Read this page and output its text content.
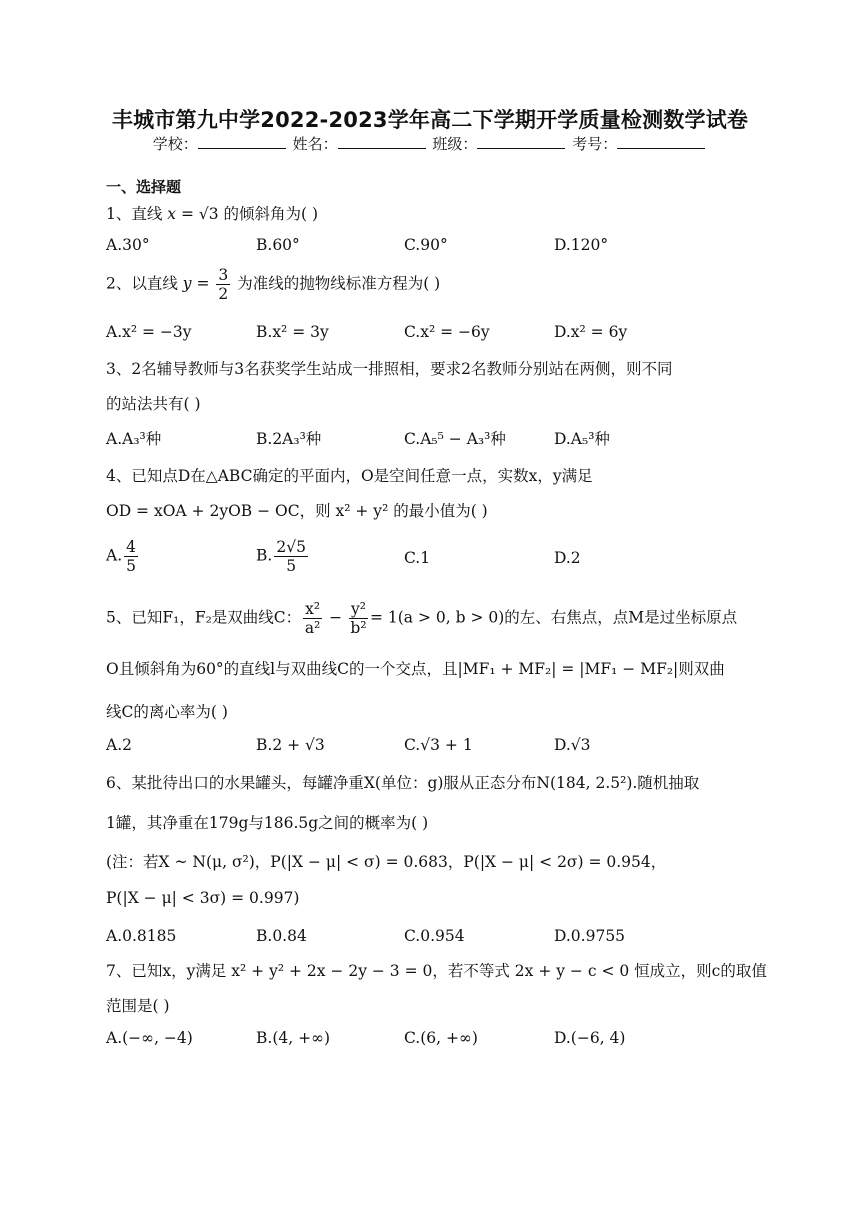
丰城市第九中学2022-2023学年高二下学期开学质量检测数学试卷
学校：	姓名：	班级：	考号：
一、选择题
1、直线 x = √3 的倾斜角为( )
A.30°	B.60°	C.90°	D.120°
2、以直线 $y = \frac{3}{2}$ 为准线的抛物线标准方程为( )
A.x² = −3y	B.x² = 3y	C.x² = −6y	D.x² = 6y
3、2名辅导教师与3名获奖学生站成一排照相，要求2名教师分别站在两侧，则不同
的站法共有( )
A.A₃³种	B.2A₃³种	C.A₅⁵ − A₃³种	D.A₅³种
4、已知点D在△ABC确定的平面内，O是空间任意一点，实数x，y满足
OD = xOA + 2yOB − OC，则 x² + y² 的最小值为( )
A. $\frac{4}{5}$	B. $\frac{2√5}{5}$	C.1	D.2
5、已知F₁，F₂是双曲线C： $\frac{\text{x²}}{\text{a²}} - \frac{\text{y²}}{\text{b²}} = 1(a > 0$, b > 0)的左、右焦点，点M是过坐标原点
O且倾斜角为60°的直线l与双曲线C的一个交点，且|MF₁ + MF₂| = |MF₁ − MF₂|则双曲
线C的离心率为( )
A.2	B.2 + √3	C.√3 + 1	D.√3
6、某批待出口的水果罐头，每罐净重X(单位：g)服从正态分布N(184, 2.5²).随机抽取
1罐，其净重在179g与186.5g之间的概率为( )
(注：若X ~ N(μ, σ²)，P(|X − μ| < σ) = 0.683，P(|X − μ| < 2σ) = 0.954，
P(|X − μ| < 3σ) = 0.997)
A.0.8185	B.0.84	C.0.954	D.0.9755
7、已知x，y满足 x² + y² + 2x − 2y − 3 = 0，若不等式 2x + y − c < 0 恒成立，则c的取值
范围是( )
A.(−∞, −4)	B.(4, +∞)	C.(6, +∞)	D.(−6, 4)
